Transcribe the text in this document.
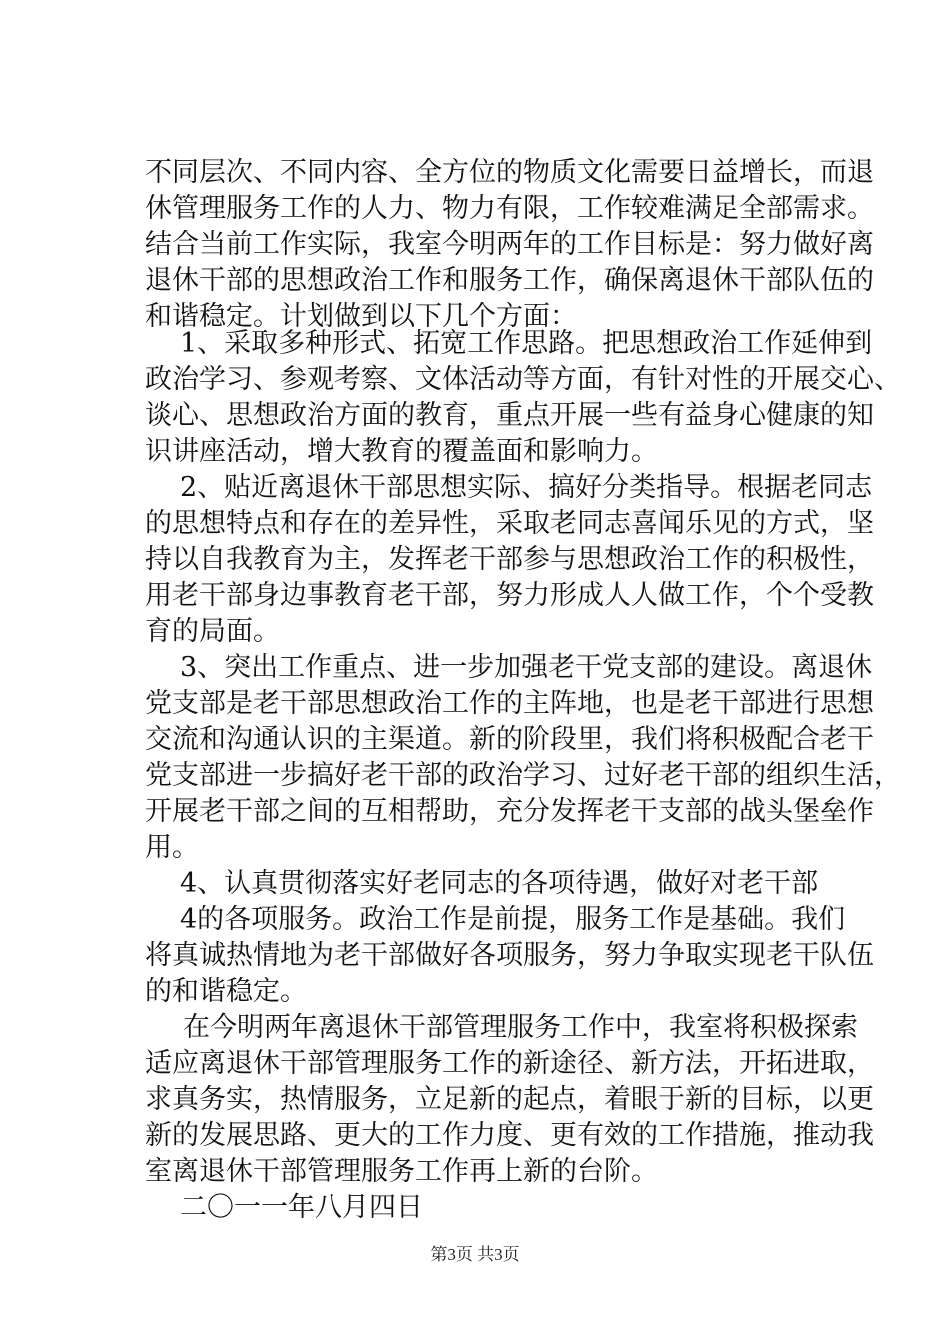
不同层次、不同内容、全方位的物质文化需要日益增长，而退
休管理服务工作的人力、物力有限，工作较难满足全部需求。
结合当前工作实际，我室今明两年的工作目标是：努力做好离
退休干部的思想政治工作和服务工作，确保离退休干部队伍的
和谐稳定。计划做到以下几个方面：
1、采取多种形式、拓宽工作思路。把思想政治工作延伸到
政治学习、参观考察、文体活动等方面，有针对性的开展交心、
谈心、思想政治方面的教育，重点开展一些有益身心健康的知
识讲座活动，增大教育的覆盖面和影响力。
2、贴近离退休干部思想实际、搞好分类指导。根据老同志
的思想特点和存在的差异性，采取老同志喜闻乐见的方式，坚
持以自我教育为主，发挥老干部参与思想政治工作的积极性，
用老干部身边事教育老干部，努力形成人人做工作，个个受教
育的局面。
3、突出工作重点、进一步加强老干党支部的建设。离退休
党支部是老干部思想政治工作的主阵地，也是老干部进行思想
交流和沟通认识的主渠道。新的阶段里，我们将积极配合老干
党支部进一步搞好老干部的政治学习、过好老干部的组织生活，
开展老干部之间的互相帮助，充分发挥老干支部的战头堡垒作
用。
4、认真贯彻落实好老同志的各项待遇，做好对老干部
4的各项服务。政治工作是前提，服务工作是基础。我们
将真诚热情地为老干部做好各项服务，努力争取实现老干队伍
的和谐稳定。
在今明两年离退休干部管理服务工作中，我室将积极探索
适应离退休干部管理服务工作的新途径、新方法，开拓进取，
求真务实，热情服务，立足新的起点，着眼于新的目标，以更
新的发展思路、更大的工作力度、更有效的工作措施，推动我
室离退休干部管理服务工作再上新的台阶。
二〇一一年八月四日
第3页 共3页
